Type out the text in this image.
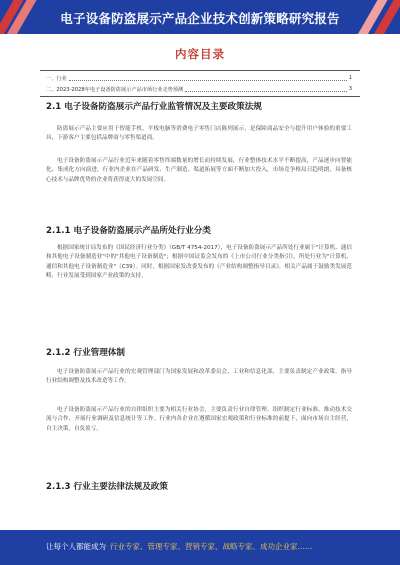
电子设备防盗展示产品企业技术创新策略研究报告
内容目录
一、行业	1
二、2023-2028年电子设备防盗展示产品市场行业走势预测	3
2.1 电子设备防盗展示产品行业监管情况及主要政策法规
防盗展示产品主要应用于智能手机、平板电脑等消费电子零售门店陈列展示，是保障商品安全与提升用户体验的重要工具，下游客户主要包括品牌商与零售渠道商。
电子设备防盗展示产品行业近年来随着零售终端数量的增长而持续发展，行业整体技术水平不断提高，产品逐步向智能化、集成化方向演进。行业内企业在产品研发、生产制造、渠道拓展等方面不断加大投入，市场竞争格局日趋明朗，具备核心技术与品牌优势的企业将获得更大的发展空间。
2.1.1 电子设备防盗展示产品所处行业分类
根据国家统计局发布的《国民经济行业分类》（GB/T 4754-2017），电子设备防盗展示产品所处行业属于"计算机、通信和其他电子设备制造业"中的"其他电子设备制造"；根据中国证监会发布的《上市公司行业分类指引》，所处行业为"计算机、通信和其他电子设备制造业"（C39）。同时，根据国家发改委发布的《产业结构调整指导目录》，相关产品属于鼓励类发展范畴，行业发展受到国家产业政策的支持。
2.1.2 行业管理体制
电子设备防盗展示产品行业的宏观管理部门为国家发展和改革委员会、工业和信息化部，主要负责制定产业政策、指导行业结构调整及技术改造等工作。
电子设备防盗展示产品行业的自律组织主要为相关行业协会，主要负责行业自律管理、组织制定行业标准、推动技术交流与合作、开展行业调研及信息统计等工作。行业内各企业在遵循国家宏观政策和行业标准的前提下，面向市场自主经营，自主决策，自负盈亏。
2.1.3 行业主要法律法规及政策
让每个人都能成为 行业专家、管理专家、营销专家、战略专家、成功企业家……
